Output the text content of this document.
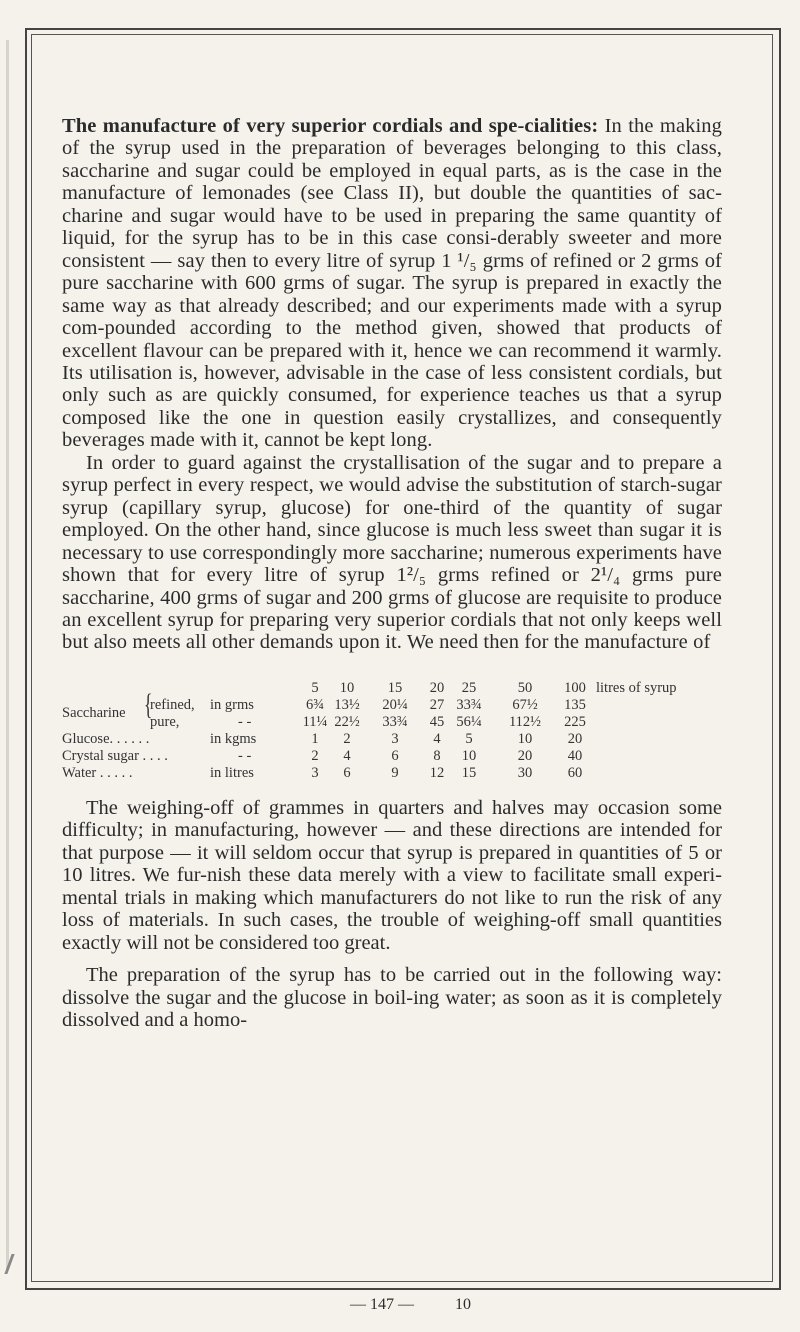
The manufacture of very superior cordials and spe-cialities: In the making of the syrup used in the preparation of beverages belonging to this class, saccharine and sugar could be employed in equal parts, as is the case in the manufacture of lemonades (see Class II), but double the quantities of sac-charine and sugar would have to be used in preparing the same quantity of liquid, for the syrup has to be in this case consi-derably sweeter and more consistent — say then to every litre of syrup 1 ¹/₅ grms of refined or 2 grms of pure saccharine with 600 grms of sugar. The syrup is prepared in exactly the same way as that already described; and our experiments made with a syrup com-pounded according to the method given, showed that products of excellent flavour can be prepared with it, hence we can recommend it warmly. Its utilisation is, however, advisable in the case of less consistent cordials, but only such as are quickly consumed, for experience teaches us that a syrup composed like the one in question easily crystallizes, and consequently beverages made with it, cannot be kept long.

In order to guard against the crystallisation of the sugar and to prepare a syrup perfect in every respect, we would advise the substitution of starch-sugar syrup (capillary syrup, glucose) for one-third of the quantity of sugar employed. On the other hand, since glucose is much less sweet than sugar it is necessary to use correspondingly more saccharine; numerous experiments have shown that for every litre of syrup 1²/₅ grms refined or 2¹/₄ grms pure saccharine, 400 grms of sugar and 200 grms of glucose are requisite to produce an excellent syrup for preparing very superior cordials that not only keeps well but also meets all other demands upon it. We need then for the manufacture of

5	10	15	20	25	50	100 litres of syrup
Saccharine refined, in grms	6¾ 13½ 20¼	27 33¾ 67½	135
{
pure,	- -	11¼ 22½ 33¾	45 56¼ 112½	225
Glucose. . . . . .	in kgms	1	2	3	4	5	10	20
Crystal sugar . . . .	- -	2	4	6	8	10	20	40
Water . . . . .	in litres	3	6	9	12	15	30	60

The weighing-off of grammes in quarters and halves may occasion some difficulty; in manufacturing, however — and these directions are intended for that purpose — it will seldom occur that syrup is prepared in quantities of 5 or 10 litres. We fur-nish these data merely with a view to facilitate small experi-mental trials in making which manufacturers do not like to run the risk of any loss of materials. In such cases, the trouble of weighing-off small quantities exactly will not be considered too great.

The preparation of the syrup has to be carried out in the following way: dissolve the sugar and the glucose in boil-ing water; as soon as it is completely dissolved and a homo-

— 147 —	10
